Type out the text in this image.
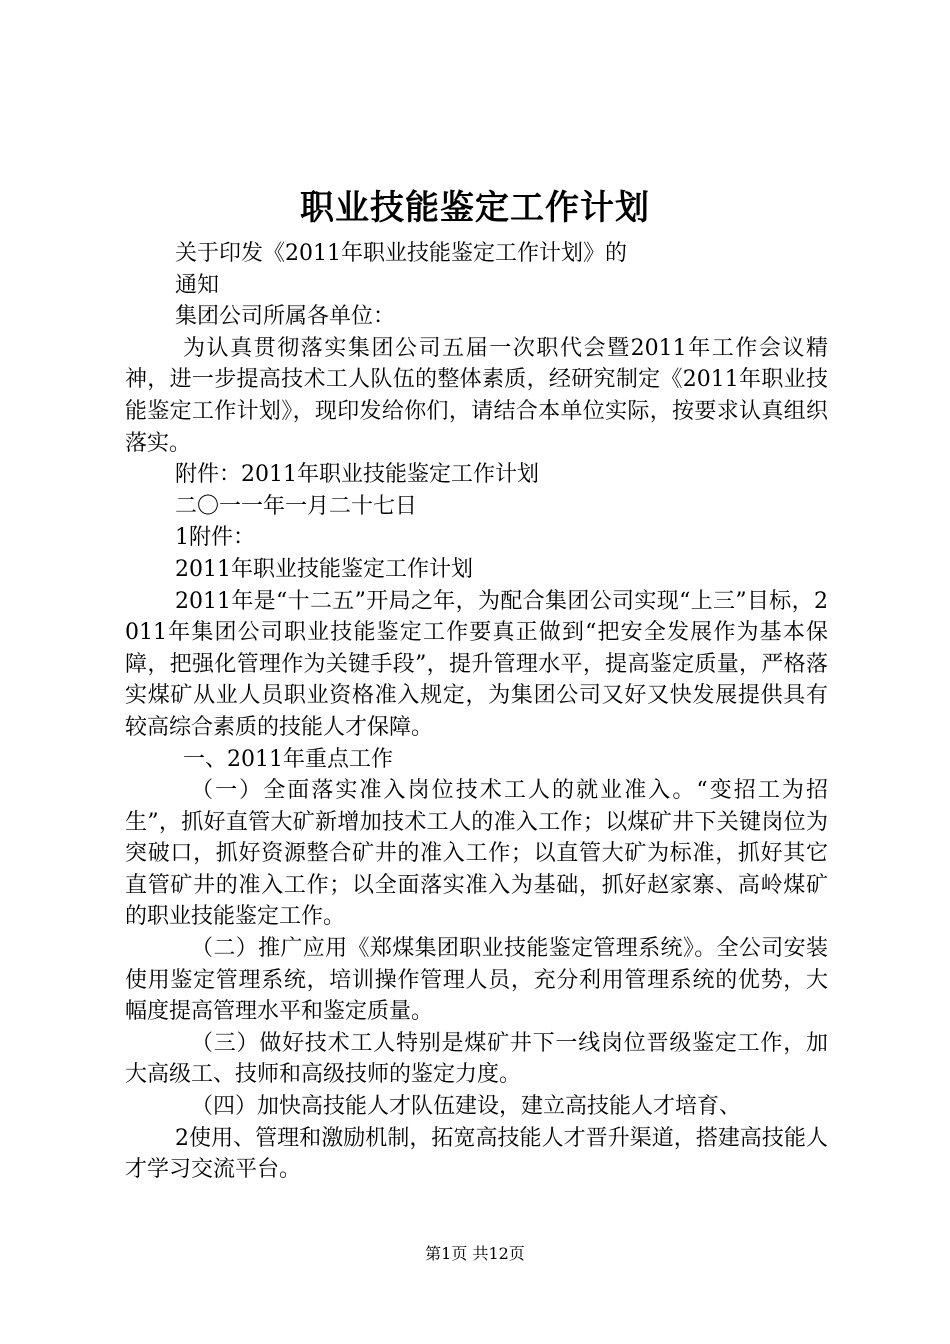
职业技能鉴定工作计划

关于印发《2011年职业技能鉴定工作计划》的

通知

集团公司所属各单位：

为认真贯彻落实集团公司五届一次职代会暨2011年工作会议精神，进一步提高技术工人队伍的整体素质，经研究制定《2011年职业技能鉴定工作计划》，现印发给你们，请结合本单位实际，按要求认真组织落实。

附件：2011年职业技能鉴定工作计划

二〇一一年一月二十七日

1附件：

2011年职业技能鉴定工作计划

2011年是“十二五”开局之年，为配合集团公司实现“上三”目标，2011年集团公司职业技能鉴定工作要真正做到“把安全发展作为基本保障，把强化管理作为关键手段”，提升管理水平，提高鉴定质量，严格落实煤矿从业人员职业资格准入规定，为集团公司又好又快发展提供具有较高综合素质的技能人才保障。

一、2011年重点工作

（一）全面落实准入岗位技术工人的就业准入。“变招工为招生”，抓好直管大矿新增加技术工人的准入工作；以煤矿井下关键岗位为突破口，抓好资源整合矿井的准入工作；以直管大矿为标准，抓好其它直管矿井的准入工作；以全面落实准入为基础，抓好赵家寨、高岭煤矿的职业技能鉴定工作。

（二）推广应用《郑煤集团职业技能鉴定管理系统》。全公司安装使用鉴定管理系统，培训操作管理人员，充分利用管理系统的优势，大幅度提高管理水平和鉴定质量。

（三）做好技术工人特别是煤矿井下一线岗位晋级鉴定工作，加大高级工、技师和高级技师的鉴定力度。

（四）加快高技能人才队伍建设，建立高技能人才培育、

2使用、管理和激励机制，拓宽高技能人才晋升渠道，搭建高技能人才学习交流平台。

第1页 共12页
